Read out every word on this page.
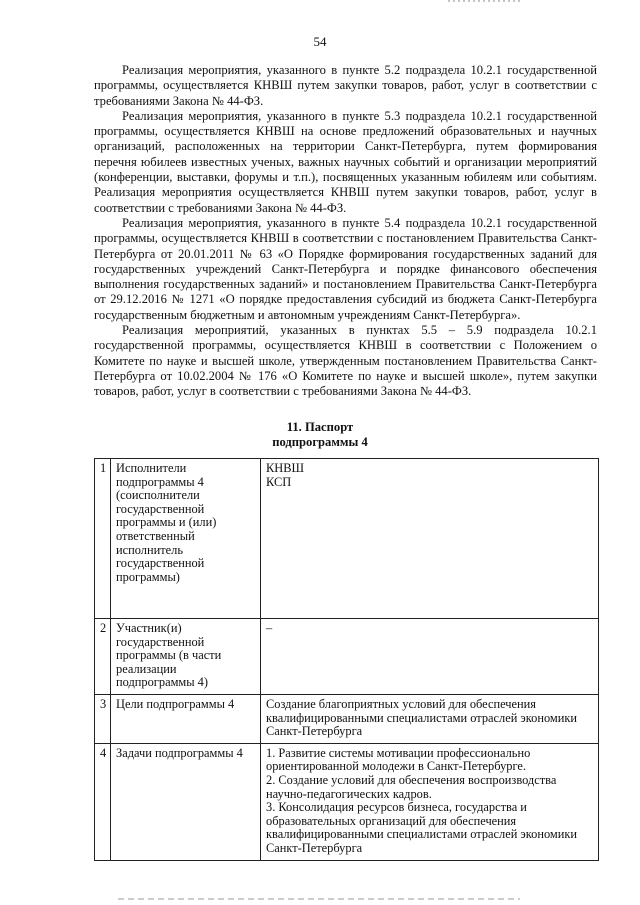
54

Реализация мероприятия, указанного в пункте 5.2 подраздела 10.2.1 государственной программы, осуществляется КНВШ путем закупки товаров, работ, услуг в соответствии с требованиями Закона № 44-ФЗ.

Реализация мероприятия, указанного в пункте 5.3 подраздела 10.2.1 государственной программы, осуществляется КНВШ на основе предложений образовательных и научных организаций, расположенных на территории Санкт-Петербурга, путем формирования перечня юбилеев известных ученых, важных научных событий и организации мероприятий (конференции, выставки, форумы и т.п.), посвященных указанным юбилеям или событиям. Реализация мероприятия осуществляется КНВШ путем закупки товаров, работ, услуг в соответствии с требованиями Закона № 44-ФЗ.

Реализация мероприятия, указанного в пункте 5.4 подраздела 10.2.1 государственной программы, осуществляется КНВШ в соответствии с постановлением Правительства Санкт-Петербурга от 20.01.2011 № 63 «О Порядке формирования государственных заданий для государственных учреждений Санкт-Петербурга и порядке финансового обеспечения выполнения государственных заданий» и постановлением Правительства Санкт-Петербурга от 29.12.2016 № 1271 «О порядке предоставления субсидий из бюджета Санкт-Петербурга государственным бюджетным и автономным учреждениям Санкт-Петербурга».

Реализация мероприятий, указанных в пунктах 5.5 – 5.9 подраздела 10.2.1 государственной программы, осуществляется КНВШ в соответствии с Положением о Комитете по науке и высшей школе, утвержденным постановлением Правительства Санкт-Петербурга от 10.02.2004 № 176 «О Комитете по науке и высшей школе», путем закупки товаров, работ, услуг в соответствии с требованиями Закона № 44-ФЗ.

11. Паспорт
подпрограммы 4
1	Исполнители подпрограммы 4 (соисполнители государственной программы и (или) ответственный исполнитель государственной программы)	КНВШ
КСП

2	Участник(и) государственной программы (в части реализации подпрограммы 4)	–

3	Цели подпрограммы 4	Создание благоприятных условий для обеспечения квалифицированными специалистами отраслей экономики Санкт-Петербурга

4	Задачи подпрограммы 4	1. Развитие системы мотивации профессионально ориентированной молодежи в Санкт-Петербурге.
2. Создание условий для обеспечения воспроизводства научно-педагогических кадров.
3. Консолидация ресурсов бизнеса, государства и образовательных организаций для обеспечения квалифицированными специалистами отраслей экономики Санкт-Петербурга
